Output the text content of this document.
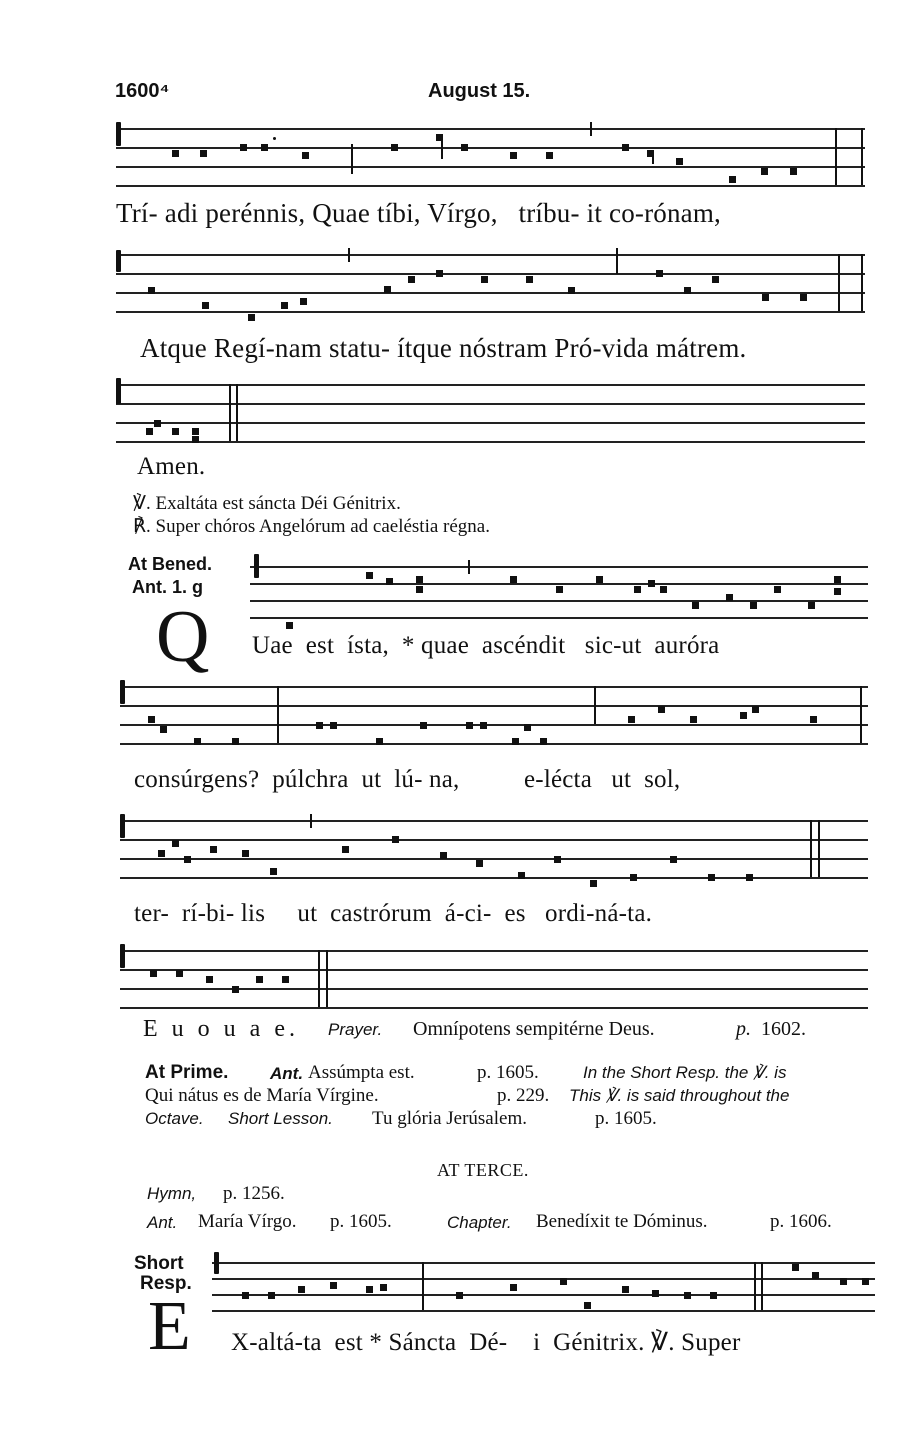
1600⁴	August 15.
Trí- adi perénnis, Quae tíbi, Vírgo,   tríbu- it co-rónam,
Atque Regí-nam statu- ítque nóstram Pró-vida mátrem.
Amen.
℣. Exaltáta est sáncta Déi Génitrix.
℟. Super chóros Angelórum ad caeléstia régna.
At Bened.
Ant. 1. g
Q Uae  est  ísta,  * quae  ascéndit   sic-ut  auróra
consúrgens?  púlchra  ut  lú- na,          e-lécta   ut  sol,
ter-  rí-bi- lis     ut  castrórum  á-ci-  es   ordi-ná-ta.
E u o u a e. Prayer. Omnípotens sempitérne Deus.	p. 1602.
At Prime. Ant. Assúmpta est.	p. 1605.	In the Short Resp. the ℣. is
Qui nátus es de María Vírgine.	p. 229. This ℣. is said throughout the
Octave. Short Lesson. Tu glória Jerúsalem.	p. 1605.
AT TERCE.
Hymn, p. 1256.
Ant. María Vírgo. p. 1605.	Chapter. Benedíxit te Dóminus.	p. 1606.
Short
Resp.
E X-altá-ta  est * Sáncta  Dé-    i  Génitrix. ℣. Super
